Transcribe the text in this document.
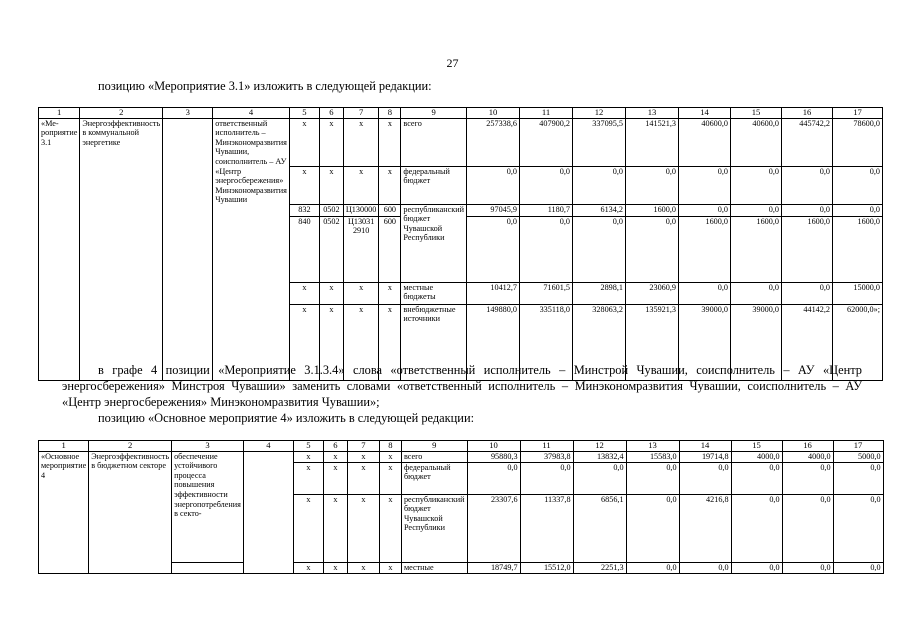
27

позицию «Мероприятие 3.1» изложить в следующей редакции:

1	2	3	4	5	6	7	8	9	10	11	12	13	14	15	16	17
«Ме-роприятие 3.1	Энергоэффективность в коммунальной энергетике		ответственный исполнитель – Минэкономразвития Чувашии, соисполнитель – АУ «Центр энергосбережения» Минэкономразвития Чувашии	x	x	x	x	всего	257338,6	407900,2	337095,5	141521,3	40600,0	40600,0	445742,2	78600,0
				x	x	x	x	федеральный бюджет	0,0	0,0	0,0	0,0	0,0	0,0	0,0	0,0
				832	0502	Ц130000	600	республиканский бюджет Чувашской Республики	97045,9	1180,7	6134,2	1600,0	0,0	0,0	0,0	0,0
				840	0502	Ц13031 2910	600		0,0	0,0	0,0	0,0	1600,0	1600,0	1600,0	1600,0
				x	x	x	x	местные бюджеты	10412,7	71601,5	2898,1	23060,9	0,0	0,0	0,0	15000,0
				x	x	x	x	внебюджетные источники	149880,0	335118,0	328063,2	135921,3	39000,0	39000,0	44142,2	62000,0»;

в графе 4 позиции «Мероприятие 3.1.3.4» слова «ответственный исполнитель – Минстрой Чувашии, соисполнитель – АУ «Центр энергосбережения» Минстроя Чувашии» заменить словами «ответственный исполнитель – Минэкономразвития Чувашии, соисполнитель – АУ «Центр энергосбережения» Минэкономразвития Чувашии»;

позицию «Основное мероприятие 4» изложить в следующей редакции:

1	2	3	4	5	6	7	8	9	10	11	12	13	14	15	16	17
«Основное мероприятие 4	Энергоэффективность в бюджетном секторе	обеспечение устойчивого процесса повышения эффективности энергопотребления в секто-		x	x	x	x	всего	95880,3	37983,8	13832,4	15583,0	19714,8	4000,0	4000,0	5000,0
				x	x	x	x	федеральный бюджет	0,0	0,0	0,0	0,0	0,0	0,0	0,0	0,0
				x	x	x	x	республиканский бюджет Чувашской Республики	23307,6	11337,8	6856,1	0,0	4216,8	0,0	0,0	0,0
				x	x	x	x	местные	18749,7	15512,0	2251,3	0,0	0,0	0,0	0,0	0,0
